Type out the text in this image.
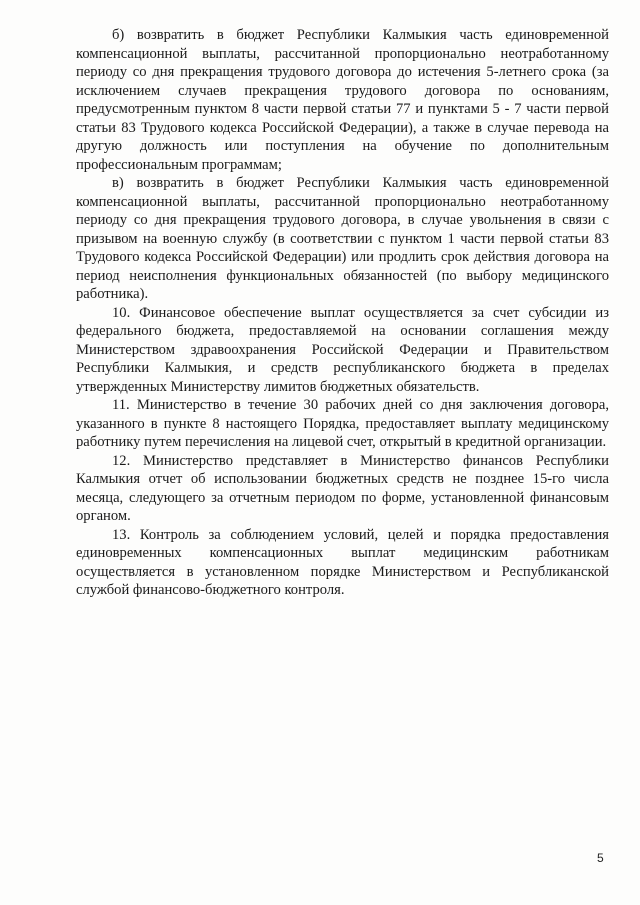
б) возвратить в бюджет Республики Калмыкия часть единовременной компенсационной выплаты, рассчитанной пропорционально неотработанному периоду со дня прекращения трудового договора до истечения 5-летнего срока (за исключением случаев прекращения трудового договора по основаниям, предусмотренным пунктом 8 части первой статьи 77 и пунктами 5 - 7 части первой статьи 83 Трудового кодекса Российской Федерации), а также в случае перевода на другую должность или поступления на обучение по дополнительным профессиональным программам;

в) возвратить в бюджет Республики Калмыкия часть единовременной компенсационной выплаты, рассчитанной пропорционально неотработанному периоду со дня прекращения трудового договора, в случае увольнения в связи с призывом на военную службу (в соответствии с пунктом 1 части первой статьи 83 Трудового кодекса Российской Федерации) или продлить срок действия договора на период неисполнения функциональных обязанностей (по выбору медицинского работника).

10. Финансовое обеспечение выплат осуществляется за счет субсидии из федерального бюджета, предоставляемой на основании соглашения между Министерством здравоохранения Российской Федерации и Правительством Республики Калмыкия, и средств республиканского бюджета в пределах утвержденных Министерству лимитов бюджетных обязательств.

11. Министерство в течение 30 рабочих дней со дня заключения договора, указанного в пункте 8 настоящего Порядка, предоставляет выплату медицинскому работнику путем перечисления на лицевой счет, открытый в кредитной организации.

12. Министерство представляет в Министерство финансов Республики Калмыкия отчет об использовании бюджетных средств не позднее 15-го числа месяца, следующего за отчетным периодом по форме, установленной финансовым органом.

13. Контроль за соблюдением условий, целей и порядка предоставления единовременных компенсационных выплат медицинским работникам осуществляется в установленном порядке Министерством и Республиканской службой финансово-бюджетного контроля.

5
